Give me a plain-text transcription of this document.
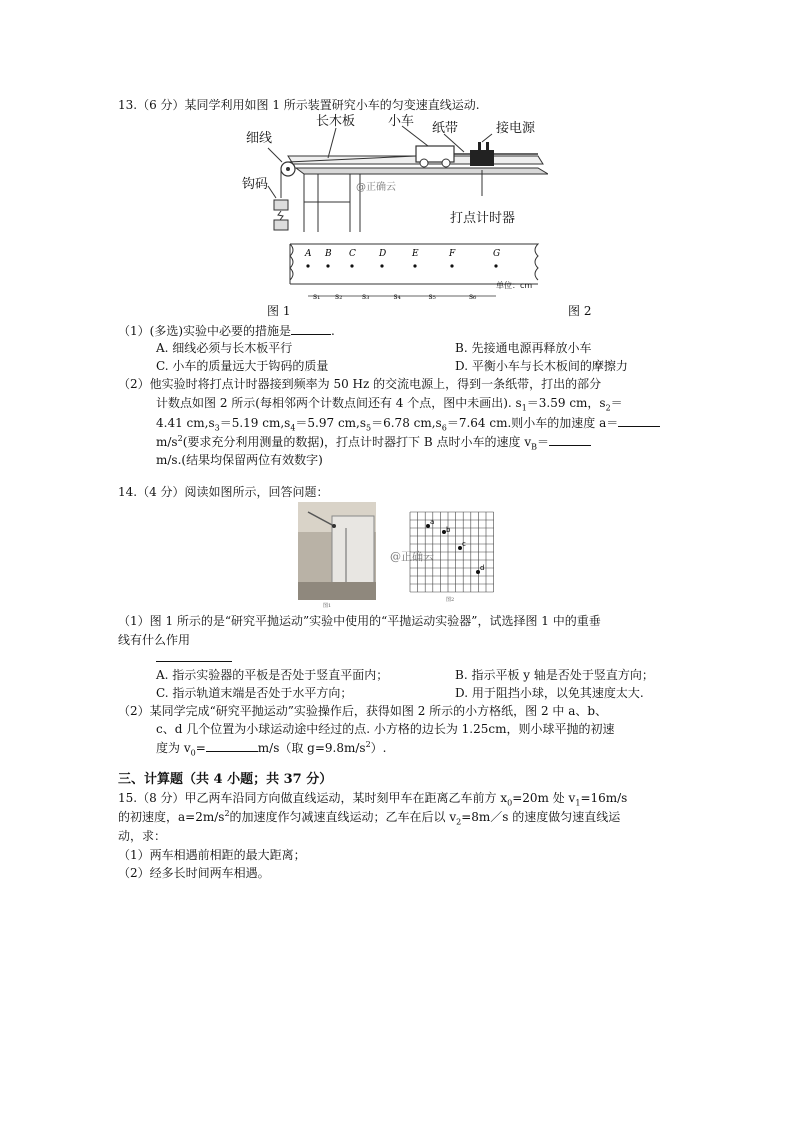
13.（6 分）某同学利用如图 1 所示装置研究小车的匀变速直线运动.
细线
长木板	小车 纸带	接电源
钩码
打点计时器
@正确云
A B C	D	E	F	G
s₁ s₂ s₃	s₄	s₅	s₆
单位：cm
图 1	图 2
（1）(多选)实验中必要的措施是	.
A. 细线必须与长木板平行	B. 先接通电源再释放小车
C. 小车的质量远大于钩码的质量	D. 平衡小车与长木板间的摩擦力
（2）他实验时将打点计时器接到频率为 50 Hz 的交流电源上，得到一条纸带，打出的部分
计数点如图 2 所示(每相邻两个计数点间还有 4 个点，图中未画出). $s_1=3.59$ cm，$s_2=$
4.41 $cm,s_3=5.19$ $cm,s_4=5.97$ $cm,s_5=6.78$ $cm,s_6=7.64$ cm.则小车的加速度 a＝
$m/s^2$(要求充分利用测量的数据)，打点计时器打下 B 点时小车的速度 $v_B=$
m/s.(结果均保留两位有效数字)
14.（4 分）阅读如图所示，回答问题：
图1
a
b
c
d
@正确云
图2
（1）图 1 所示的是“研究平抛运动”实验中使用的“平抛运动实验器”，试选择图 1 中的重垂
线有什么作用
A. 指示实验器的平板是否处于竖直平面内；	B. 指示平板 y 轴是否处于竖直方向；
C. 指示轨道末端是否处于水平方向；	D. 用于阻挡小球，以免其速度太大.
（2）某同学完成“研究平抛运动”实验操作后，获得如图 2 所示的小方格纸，图 2 中 a、b、
c、d 几个位置为小球运动途中经过的点. 小方格的边长为 1.25cm，则小球平抛的初速
度为 $v_0=$	m/s（取 $g=9.8m/s^2$）.
三、计算题（共 4 小题；共 37 分）
15.（8 分）甲乙两车沿同方向做直线运动，某时刻甲车在距离乙车前方 $x_0=20m$ 处 $v_1=16m/s$
的初速度，$a=2m/s^2$的加速度作匀减速直线运动；乙车在后以 $v_2=8m/s$ 的速度做匀速直线运
动，求：
（1）两车相遇前相距的最大距离；
（2）经多长时间两车相遇。
